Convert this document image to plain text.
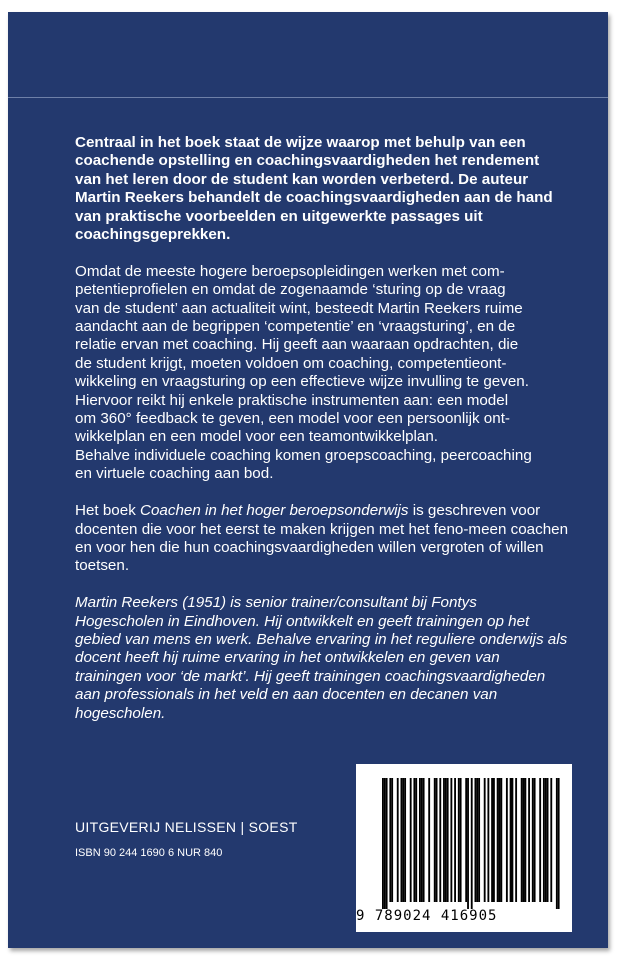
Centraal in het boek staat de wijze waarop met behulp van een coachende opstelling en coachingsvaardigheden het rendement van het leren door de student kan worden verbeterd. De auteur Martin Reekers behandelt de coachingsvaardigheden aan de hand van praktische voorbeelden en uitgewerkte passages uit coachingsgeprekken.

Omdat de meeste hogere beroepsopleidingen werken met com-
petentieprofielen en omdat de zogenaamde ‘sturing op de vraag
van de student’ aan actualiteit wint, besteedt Martin Reekers ruime
aandacht aan de begrippen ‘competentie’ en ‘vraagsturing’, en de
relatie ervan met coaching. Hij geeft aan waaraan opdrachten, die
de student krijgt, moeten voldoen om coaching, competentieont-
wikkeling en vraagsturing op een effectieve wijze invulling te geven.
Hiervoor reikt hij enkele praktische instrumenten aan: een model
om 360° feedback te geven, een model voor een persoonlijk ont-
wikkelplan en een model voor een teamontwikkelplan.
Behalve individuele coaching komen groepscoaching, peercoaching
en virtuele coaching aan bod.

Het boek Coachen in het hoger beroepsonderwijs is geschreven voor docenten die voor het eerst te maken krijgen met het feno-meen coachen en voor hen die hun coachingsvaardigheden willen vergroten of willen toetsen.

Martin Reekers (1951) is senior trainer/consultant bij Fontys Hogescholen in Eindhoven. Hij ontwikkelt en geeft trainingen op het gebied van mens en werk. Behalve ervaring in het reguliere onderwijs als docent heeft hij ruime ervaring in het ontwikkelen en geven van trainingen voor ‘de markt’. Hij geeft trainingen coachingsvaardigheden aan professionals in het veld en aan docenten en decanen van hogescholen.

UITGEVERIJ NELISSEN | SOEST
ISBN 90 244 1690 6 NUR 840
9 789024 416905
